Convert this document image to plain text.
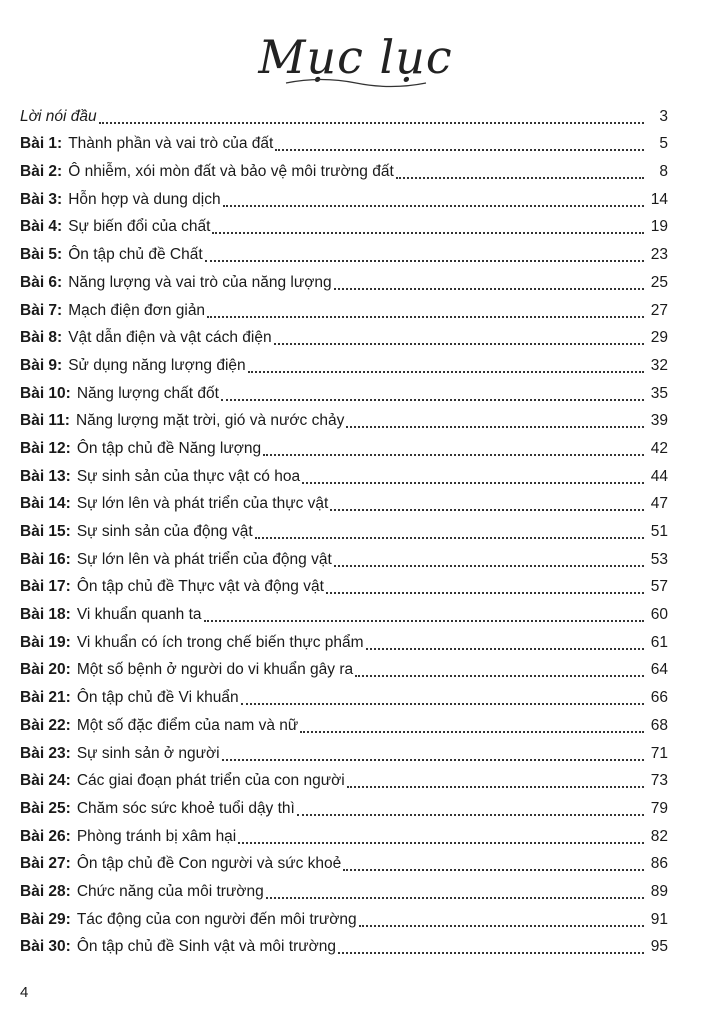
Mục lục
Lời nói đầu	3
Bài 1: Thành phần và vai trò của đất	5
Bài 2: Ô nhiễm, xói mòn đất và bảo vệ môi trường đất	8
Bài 3: Hỗn hợp và dung dịch	14
Bài 4: Sự biến đổi của chất	19
Bài 5: Ôn tập chủ đề Chất	23
Bài 6: Năng lượng và vai trò của năng lượng	25
Bài 7: Mạch điện đơn giản	27
Bài 8: Vật dẫn điện và vật cách điện	29
Bài 9: Sử dụng năng lượng điện	32
Bài 10: Năng lượng chất đốt	35
Bài 11: Năng lượng mặt trời, gió và nước chảy	39
Bài 12: Ôn tập chủ đề Năng lượng	42
Bài 13: Sự sinh sản của thực vật có hoa	44
Bài 14: Sự lớn lên và phát triển của thực vật	47
Bài 15: Sự sinh sản của động vật	51
Bài 16: Sự lớn lên và phát triển của động vật	53
Bài 17: Ôn tập chủ đề Thực vật và động vật	57
Bài 18: Vi khuẩn quanh ta	60
Bài 19: Vi khuẩn có ích trong chế biến thực phẩm	61
Bài 20: Một số bệnh ở người do vi khuẩn gây ra	64
Bài 21: Ôn tập chủ đề Vi khuẩn	66
Bài 22: Một số đặc điểm của nam và nữ	68
Bài 23: Sự sinh sản ở người	71
Bài 24: Các giai đoạn phát triển của con người	73
Bài 25: Chăm sóc sức khoẻ tuổi dậy thì	79
Bài 26: Phòng tránh bị xâm hại	82
Bài 27: Ôn tập chủ đề Con người và sức khoẻ	86
Bài 28: Chức năng của môi trường	89
Bài 29: Tác động của con người đến môi trường	91
Bài 30: Ôn tập chủ đề Sinh vật và môi trường	95
4
